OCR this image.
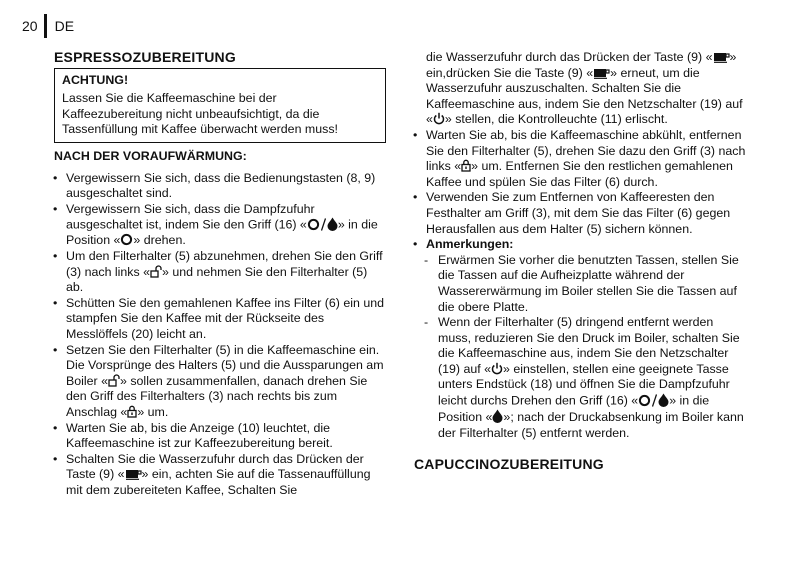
20	DE
ESPRESSOZUBEREITUNG
ACHTUNG!
Lassen Sie die Kaffeemaschine bei der Kaffeezubereitung nicht unbeaufsichtigt, da die Tassenfüllung mit Kaffee überwacht werden muss!
NACH DER VORAUFWÄRMUNG:
• Vergewissern Sie sich, dass die Bedienungstasten (8, 9) ausgeschaltet sind.
• Vergewissern Sie sich, dass die Dampfzufuhr ausgeschaltet ist, indem Sie den Griff (16) «	» in die Position « » drehen.
• Um den Filterhalter (5) abzunehmen, drehen Sie den Griff (3) nach links « » und nehmen Sie den Filterhalter (5) ab.
• Schütten Sie den gemahlenen Kaffee ins Filter (6) ein und stampfen Sie den Kaffee mit der Rückseite des Messlöffels (20) leicht an.
• Setzen Sie den Filterhalter (5) in die Kaffeemaschine ein. Die Vorsprünge des Halters (5) und die Aussparungen am Boiler « » sollen zusammenfallen, danach drehen Sie den Griff des Filterhalters (3) nach rechts bis zum Anschlag « » um.
• Warten Sie ab, bis die Anzeige (10) leuchtet, die Kaffeemaschine ist zur Kaffeezubereitung bereit.
• Schalten Sie die Wasserzufuhr durch das Drücken der Taste (9) « » ein, achten Sie auf die Tassenauffüllung mit dem zubereiteten Kaffee, Schalten Sie
die Wasserzufuhr durch das Drücken der Taste (9) « » ein,drücken Sie die Taste (9) « » erneut, um die Wasserzufuhr auszuschalten. Schalten Sie die Kaffeemaschine aus, indem Sie den Netzschalter (19) auf « » stellen, die Kontrolleuchte (11) erlischt.
• Warten Sie ab, bis die Kaffeemaschine abkühlt, entfernen Sie den Filterhalter (5), drehen Sie dazu den Griff (3) nach links « » um. Entfernen Sie den restlichen gemahlenen Kaffee und spülen Sie das Filter (6) durch.
• Verwenden Sie zum Entfernen von Kaffeeresten den Festhalter am Griff (3), mit dem Sie das Filter (6) gegen Herausfallen aus dem Halter (5) sichern können.
• Anmerkungen:
- Erwärmen Sie vorher die benutzten Tassen, stellen Sie die Tassen auf die Aufheizplatte während der Wassererwärmung im Boiler stellen Sie die Tassen auf die obere Platte.
- Wenn der Filterhalter (5) dringend entfernt werden muss, reduzieren Sie den Druck im Boiler, schalten Sie die Kaffeemaschine aus, indem Sie den Netzschalter (19) auf « » einstellen, stellen eine geeignete Tasse unters Endstück (18) und öffnen Sie die Dampfzufuhr leicht durchs Drehen den Griff (16) «	» in die Position « »; nach der Druckabsenkung im Boiler kann der Filterhalter (5) entfernt werden.
CAPUCCINOZUBEREITUNG
